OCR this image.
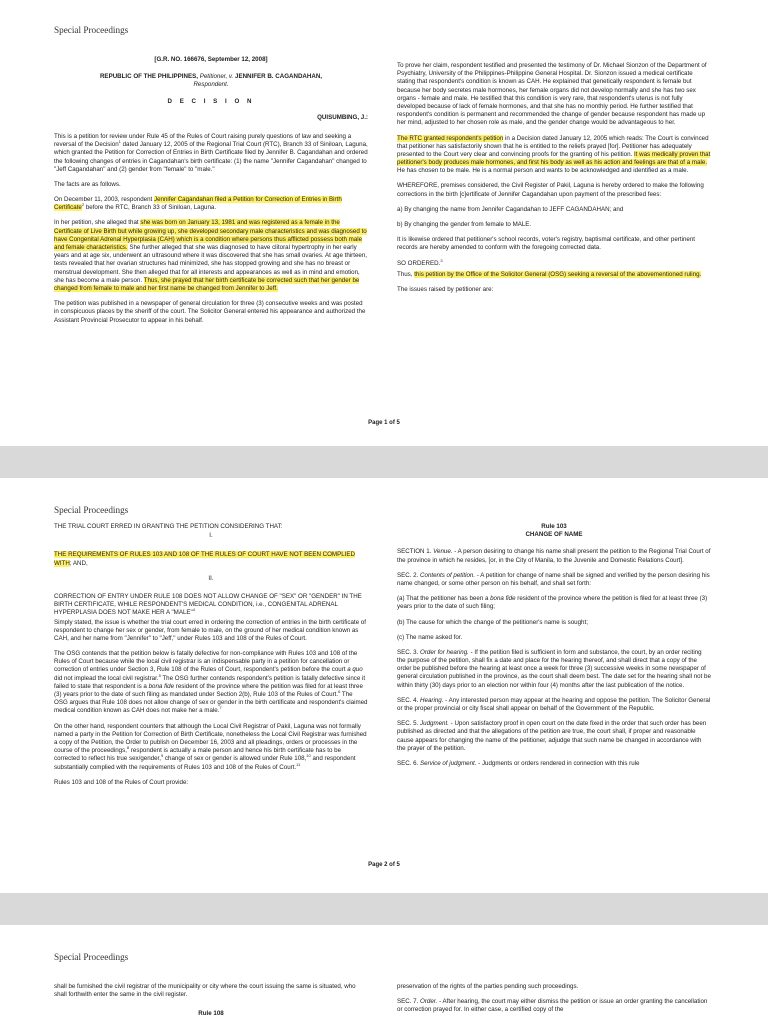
Special Proceedings

[G.R. NO. 166676, September 12, 2008]

REPUBLIC OF THE PHILIPPINES, Petitioner, v. JENNIFER B. CAGANDAHAN, Respondent.

D E C I S I O N

QUISUMBING, J.:

This is a petition for review under Rule 45 of the Rules of Court raising purely questions of law and seeking a reversal of the Decision$^1$ dated January 12, 2005 of the Regional Trial Court (RTC), Branch 33 of Siniloan, Laguna, which granted the Petition for Correction of Entries in Birth Certificate filed by Jennifer B. Cagandahan and ordered the following changes of entries in Cagandahan's birth certificate: (1) the name "Jennifer Cagandahan" changed to "Jeff Cagandahan" and (2) gender from "female" to "male."

The facts are as follows.

On December 11, 2003, respondent Jennifer Cagandahan filed a Petition for Correction of Entries in Birth Certificate$^2$ before the RTC, Branch 33 of Siniloan, Laguna.

In her petition, she alleged that she was born on January 13, 1981 and was registered as a female in the Certificate of Live Birth but while growing up, she developed secondary male characteristics and was diagnosed to have Congenital Adrenal Hyperplasia (CAH) which is a condition where persons thus afflicted possess both male and female characteristics. She further alleged that she was diagnosed to have clitoral hypertrophy in her early years and at age six, underwent an ultrasound where it was discovered that she has small ovaries. At age thirteen, tests revealed that her ovarian structures had minimized, she has stopped growing and she has no breast or menstrual development. She then alleged that for all interests and appearances as well as in mind and emotion, she has become a male person. Thus, she prayed that her birth certificate be corrected such that her gender be changed from female to male and her first name be changed from Jennifer to Jeff.

The petition was published in a newspaper of general circulation for three (3) consecutive weeks and was posted in conspicuous places by the sheriff of the court. The Solicitor General entered his appearance and authorized the Assistant Provincial Prosecutor to appear in his behalf.

To prove her claim, respondent testified and presented the testimony of Dr. Michael Sionzon of the Department of Psychiatry, University of the Philippines-Philippine General Hospital. Dr. Sionzon issued a medical certificate stating that respondent's condition is known as CAH. He explained that genetically respondent is female but because her body secretes male hormones, her female organs did not develop normally and she has two sex organs - female and male. He testified that this condition is very rare, that respondent's uterus is not fully developed because of lack of female hormones, and that she has no monthly period. He further testified that respondent's condition is permanent and recommended the change of gender because respondent has made up her mind, adjusted to her chosen role as male, and the gender change would be advantageous to her.

The RTC granted respondent's petition in a Decision dated January 12, 2005 which reads: The Court is convinced that petitioner has satisfactorily shown that he is entitled to the reliefs prayed [for]. Petitioner has adequately presented to the Court very clear and convincing proofs for the granting of his petition. It was medically proven that petitioner's body produces male hormones, and first his body as well as his action and feelings are that of a male. He has chosen to be male. He is a normal person and wants to be acknowledged and identified as a male.

WHEREFORE, premises considered, the Civil Register of Pakil, Laguna is hereby ordered to make the following corrections in the birth [c]ertificate of Jennifer Cagandahan upon payment of the prescribed fees:

a) By changing the name from Jennifer Cagandahan to JEFF CAGANDAHAN; and

b) By changing the gender from female to MALE.

It is likewise ordered that petitioner's school records, voter's registry, baptismal certificate, and other pertinent records are hereby amended to conform with the foregoing corrected data.

SO ORDERED.$^3$

Thus, this petition by the Office of the Solicitor General (OSG) seeking a reversal of the abovementioned ruling.

The issues raised by petitioner are:

Page 1 of 5
Special Proceedings

THE TRIAL COURT ERRED IN GRANTING THE PETITION CONSIDERING THAT:

I.

THE REQUIREMENTS OF RULES 103 AND 108 OF THE RULES OF COURT HAVE NOT BEEN COMPLIED WITH; AND,

II.

CORRECTION OF ENTRY UNDER RULE 108 DOES NOT ALLOW CHANGE OF "SEX" OR "GENDER" IN THE BIRTH CERTIFICATE, WHILE RESPONDENT'S MEDICAL CONDITION, i.e., CONGENITAL ADRENAL HYPERPLASIA DOES NOT MAKE HER A "MALE"$^4$

Simply stated, the issue is whether the trial court erred in ordering the correction of entries in the birth certificate of respondent to change her sex or gender, from female to male, on the ground of her medical condition known as CAH, and her name from "Jennifer" to "Jeff," under Rules 103 and 108 of the Rules of Court.

The OSG contends that the petition below is fatally defective for non-compliance with Rules 103 and 108 of the Rules of Court because while the local civil registrar is an indispensable party in a petition for cancellation or correction of entries under Section 3, Rule 108 of the Rules of Court, respondent's petition before the court a quo did not implead the local civil registrar.$^5$ The OSG further contends respondent's petition is fatally defective since it failed to state that respondent is a bona fide resident of the province where the petition was filed for at least three (3) years prior to the date of such filing as mandated under Section 2(b), Rule 103 of the Rules of Court.$^6$ The OSG argues that Rule 108 does not allow change of sex or gender in the birth certificate and respondent's claimed medical condition known as CAH does not make her a male.$^7$

On the other hand, respondent counters that although the Local Civil Registrar of Pakil, Laguna was not formally named a party in the Petition for Correction of Birth Certificate, nonetheless the Local Civil Registrar was furnished a copy of the Petition, the Order to publish on December 16, 2003 and all pleadings, orders or processes in the course of the proceedings,$^8$ respondent is actually a male person and hence his birth certificate has to be corrected to reflect his true sex/gender,$^9$ change of sex or gender is allowed under Rule 108,10 and respondent substantially complied with the requirements of Rules 103 and 108 of the Rules of Court.$^{11}$

Rules 103 and 108 of the Rules of Court provide:

Rule 103

CHANGE OF NAME

SECTION 1. Venue. - A person desiring to change his name shall present the petition to the Regional Trial Court of the province in which he resides, [or, in the City of Manila, to the Juvenile and Domestic Relations Court].

SEC. 2. Contents of petition. - A petition for change of name shall be signed and verified by the person desiring his name changed, or some other person on his behalf, and shall set forth:

(a) That the petitioner has been a bona fide resident of the province where the petition is filed for at least three (3) years prior to the date of such filing;

(b) The cause for which the change of the petitioner's name is sought;

(c) The name asked for.

SEC. 3. Order for hearing. - If the petition filed is sufficient in form and substance, the court, by an order reciting the purpose of the petition, shall fix a date and place for the hearing thereof, and shall direct that a copy of the order be published before the hearing at least once a week for three (3) successive weeks in some newspaper of general circulation published in the province, as the court shall deem best. The date set for the hearing shall not be within thirty (30) days prior to an election nor within four (4) months after the last publication of the notice.

SEC. 4. Hearing. - Any interested person may appear at the hearing and oppose the petition. The Solicitor General or the proper provincial or city fiscal shall appear on behalf of the Government of the Republic.

SEC. 5. Judgment. - Upon satisfactory proof in open court on the date fixed in the order that such order has been published as directed and that the allegations of the petition are true, the court shall, if proper and reasonable cause appears for changing the name of the petitioner, adjudge that such name be changed in accordance with the prayer of the petition.

SEC. 6. Service of judgment. - Judgments or orders rendered in connection with this rule

Page 2 of 5
Special Proceedings

shall be furnished the civil registrar of the municipality or city where the court issuing the same is situated, who shall forthwith enter the same in the civil register.

Rule 108

preservation of the rights of the parties pending such proceedings.

SEC. 7. Order. - After hearing, the court may either dismiss the petition or issue an order granting the cancellation or correction prayed for. In either case, a certified copy of the
